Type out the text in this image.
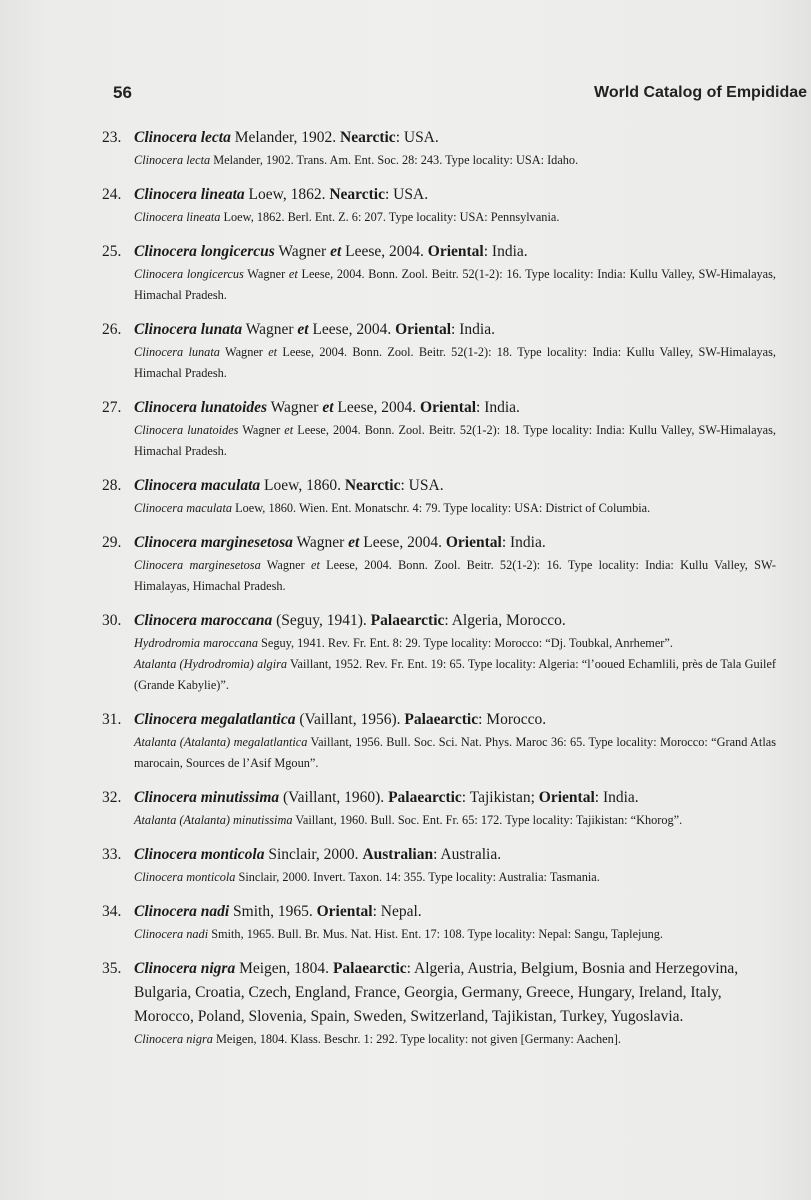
56	World Catalog of Empididae
23. Clinocera lecta Melander, 1902. Nearctic: USA.
Clinocera lecta Melander, 1902. Trans. Am. Ent. Soc. 28: 243. Type locality: USA: Idaho.
24. Clinocera lineata Loew, 1862. Nearctic: USA.
Clinocera lineata Loew, 1862. Berl. Ent. Z. 6: 207. Type locality: USA: Pennsylvania.
25. Clinocera longicercus Wagner et Leese, 2004. Oriental: India.
Clinocera longicercus Wagner et Leese, 2004. Bonn. Zool. Beitr. 52(1-2): 16. Type locality: India: Kullu Valley, SW-Himalayas, Himachal Pradesh.
26. Clinocera lunata Wagner et Leese, 2004. Oriental: India.
Clinocera lunata Wagner et Leese, 2004. Bonn. Zool. Beitr. 52(1-2): 18. Type locality: India: Kullu Valley, SW-Himalayas, Himachal Pradesh.
27. Clinocera lunatoides Wagner et Leese, 2004. Oriental: India.
Clinocera lunatoides Wagner et Leese, 2004. Bonn. Zool. Beitr. 52(1-2): 18. Type locality: India: Kullu Valley, SW-Himalayas, Himachal Pradesh.
28. Clinocera maculata Loew, 1860. Nearctic: USA.
Clinocera maculata Loew, 1860. Wien. Ent. Monatschr. 4: 79. Type locality: USA: District of Columbia.
29. Clinocera marginesetosa Wagner et Leese, 2004. Oriental: India.
Clinocera marginesetosa Wagner et Leese, 2004. Bonn. Zool. Beitr. 52(1-2): 16. Type locality: India: Kullu Valley, SW-Himalayas, Himachal Pradesh.
30. Clinocera maroccana (Seguy, 1941). Palaearctic: Algeria, Morocco.
Hydrodromia maroccana Seguy, 1941. Rev. Fr. Ent. 8: 29. Type locality: Morocco: “Dj. Toubkal, Anrhemer”.
Atalanta (Hydrodromia) algira Vaillant, 1952. Rev. Fr. Ent. 19: 65. Type locality: Algeria: “l’ooued Echamlili, près de Tala Guilef (Grande Kabylie)”.
31. Clinocera megalatlantica (Vaillant, 1956). Palaearctic: Morocco.
Atalanta (Atalanta) megalatlantica Vaillant, 1956. Bull. Soc. Sci. Nat. Phys. Maroc 36: 65. Type locality: Morocco: “Grand Atlas marocain, Sources de l’Asif Mgoun”.
32. Clinocera minutissima (Vaillant, 1960). Palaearctic: Tajikistan; Oriental: India.
Atalanta (Atalanta) minutissima Vaillant, 1960. Bull. Soc. Ent. Fr. 65: 172. Type locality: Tajikistan: “Khorog”.
33. Clinocera monticola Sinclair, 2000. Australian: Australia.
Clinocera monticola Sinclair, 2000. Invert. Taxon. 14: 355. Type locality: Australia: Tasmania.
34. Clinocera nadi Smith, 1965. Oriental: Nepal.
Clinocera nadi Smith, 1965. Bull. Br. Mus. Nat. Hist. Ent. 17: 108. Type locality: Nepal: Sangu, Taplejung.
35. Clinocera nigra Meigen, 1804. Palaearctic: Algeria, Austria, Belgium, Bosnia and Herzegovina, Bulgaria, Croatia, Czech, England, France, Georgia, Germany, Greece, Hungary, Ireland, Italy, Morocco, Poland, Slovenia, Spain, Sweden, Switzerland, Tajikistan, Turkey, Yugoslavia.
Clinocera nigra Meigen, 1804. Klass. Beschr. 1: 292. Type locality: not given [Germany: Aachen].
